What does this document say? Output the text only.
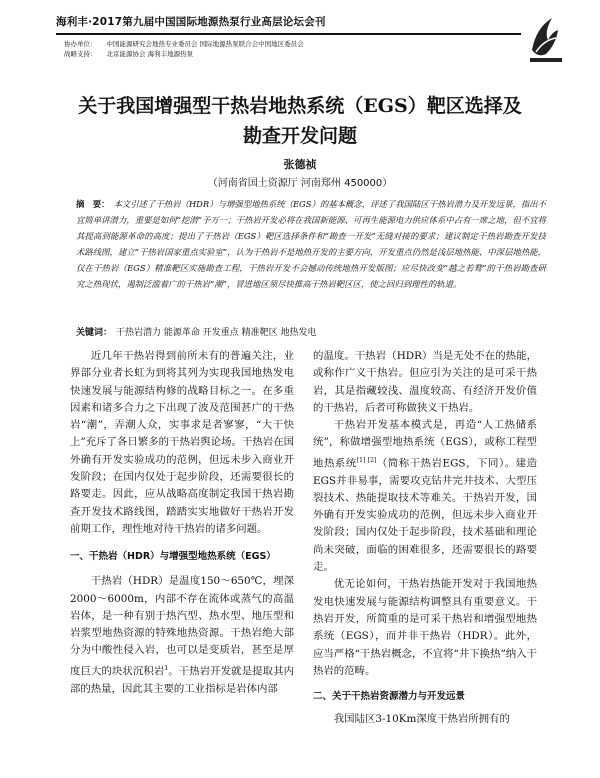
海利丰·2017第九届中国国际地源热泵行业高层论坛会刊
协办单位： 中国能源研究会地热专业委员会 国际地源热泵联合会中国地区委员会
战略支持： 北京能源协会 海利丰地源热泵
关于我国增强型干热岩地热系统（EGS）靶区选择及
勘查开发问题
张德祯
（河南省国土资源厅 河南郑州 450000）
摘　要： 本文引述了干热岩（HDR）与增强型地热系统（EGS）的基本概念，评述了我国陆区干热岩潜力及开发远景，指出不宜简单讲潜力，重要是如何“挖潜”予万一；干热岩开发必将在我国新能源、可再生能源电力供应体系中占有一席之地，但不宜将其提高到能源革命的高度；提出了干热岩（EGS）靶区选择条件和“勘查一开发”无缝对接的要求；建议制定干热岩勘查开发技术路线图，建立“干热岩国家重点实验室”，认为干热岩不是地热开发的主要方向，开发重点仍然是浅层地热能、中深层地热能，仅在干热岩（EGS）精准靶区实施勘查工程，干热岩开发不会撼动传统地热开发版图；应尽快改变“越之若鹜”的干热岩勘查研究之热现状，遏制泛滥着广的干热岩“潮”，冒进地区须尽快推高干热岩靶区区，使之回归到理性的轨道。
关键词： 干热岩潜力 能源革命 开发重点 精准靶区 地热发电

近几年干热岩得到前所未有的普遍关注，业界部分业者长虹为到将其列为实现我国地热发电快速发展与能源结构修的战略目标之一。在多重因素和诸多合力之下出现了波及范围甚广的干热岩“潮”，弄潮人众，实事求是者寥寥，“大干快上”充斥了各日繁多的干热岩舆论场。干热岩在国外确有开发实验成功的范例，但远未步入商业开发阶段；在国内仅处于起步阶段，还需要很长的路要走。因此，应从战略高度制定我国干热岩勘查开发技术路线图，踏踏实实地做好干热岩开发前期工作，理性地对待干热岩的诸多问题。

一、干热岩（HDR）与增强型地热系统（EGS）

干热岩（HDR）是温度150～650℃，埋深2000～6000m，内部不存在流体或蒸气的高温岩体，是一种有别于热汽型、热水型、地压型和岩浆型地热资源的特殊地热资源。干热岩绝大部分为中酸性侵入岩，也可以是变质岩，甚至是厚度巨大的块状沉积岩$^1$。干热岩开发就是提取其内部的热量，因此其主要的工业指标是岩体内部

的温度。干热岩（HDR）当是无处不在的热能，或称作广义干热岩。但应引为关注的是可采干热岩，其是指藏较浅、温度较高、有经济开发价值的干热岩，后者可称做狭义干热岩。

干热岩开发基本模式是，再造“人工热储系统”，称做增强型地热系统（EGS），或称工程型地热系统[1] [2]（简称干热岩EGS，下同）。建造EGS并非易事，需要攻克钻井完井技术、大型压裂技术、热能提取技术等难关。干热岩开发，国外确有开发实验成功的范例，但远未步入商业开发阶段；国内仅处于起步阶段，技术基础和理论尚未突破，面临的困难很多，还需要很长的路要走。

优无论如何，干热岩热能开发对于我国地热发电快速发展与能源结构调整具有重要意义。干热岩开发，所简重的是可采干热岩和增强型地热系统（EGS），而并非干热岩（HDR）。此外，应当严格“干热岩概念，不宜将“井下换热”纳入干热岩的范畴。

二、关于干热岩资源潜力与开发远景

我国陆区3-10Km深度干热岩所拥有的
